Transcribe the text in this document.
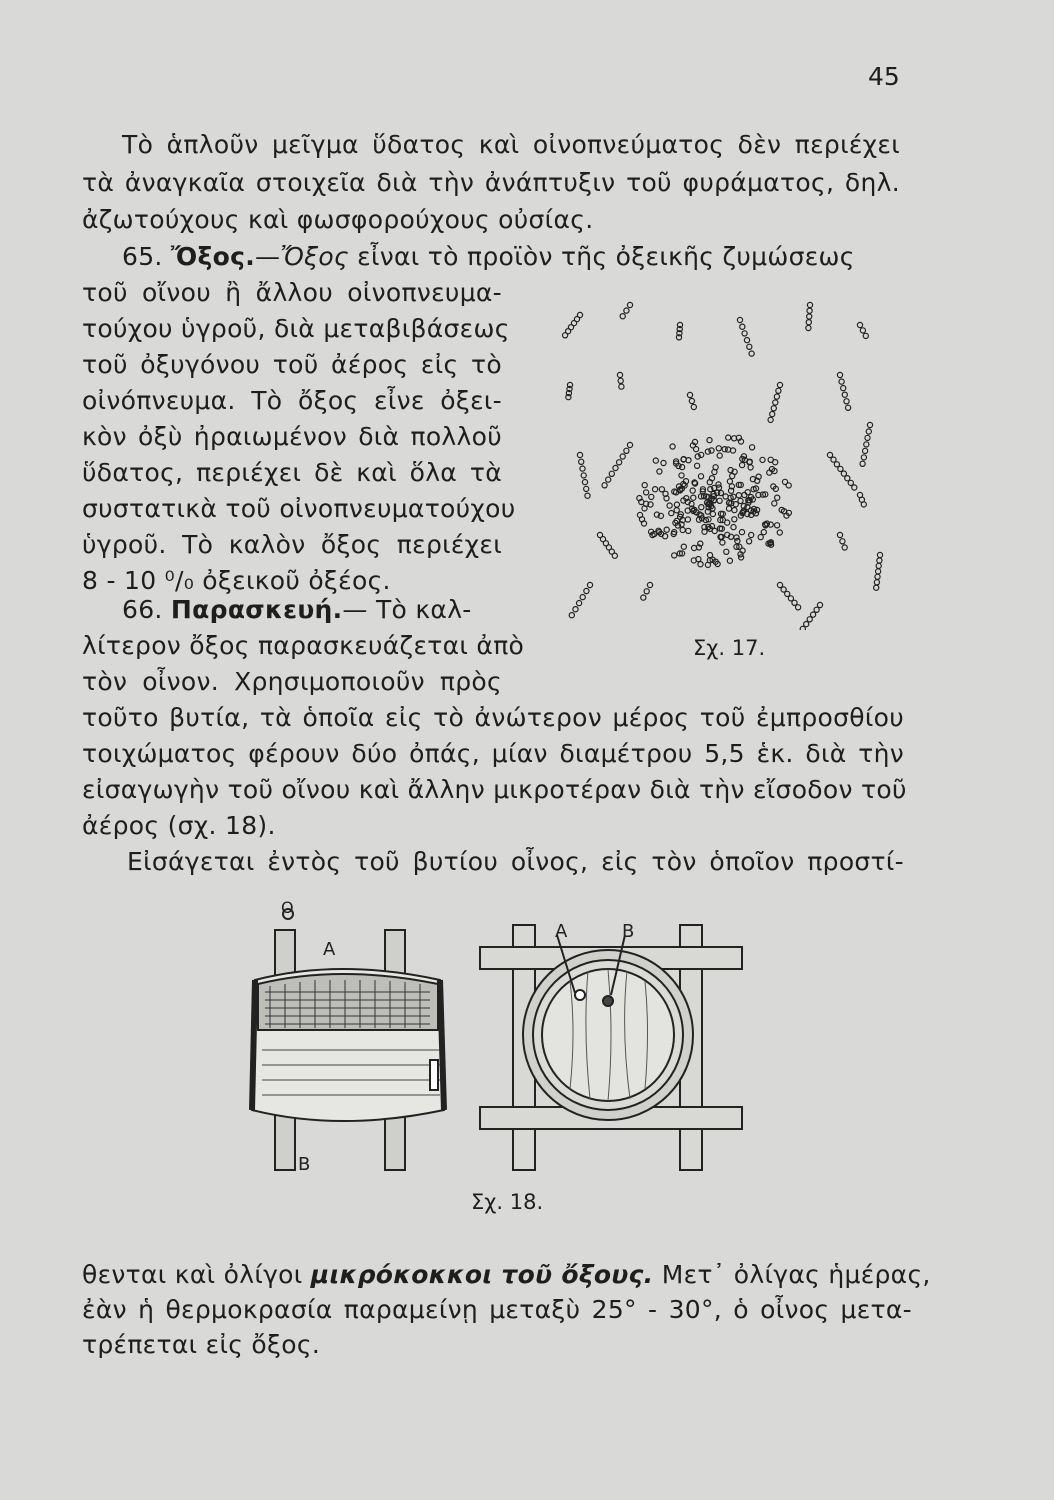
45
Τὸ ἁπλοῦν μεῖγμα ὕδατος καὶ οἰνοπνεύματος δὲν περιέχει
τὰ ἀναγκαῖα στοιχεῖα διὰ τὴν ἀνάπτυξιν τοῦ φυράματος, δηλ.
ἀζωτούχους καὶ φωσφορούχους οὐσίας.
65. Ὄξος.—Ὄξος εἶναι τὸ προϊὸν τῆς ὀξεικῆς ζυμώσεως
τοῦ οἴνου ἢ ἄλλου οἰνοπνευμα-
τούχου ὑγροῦ, διὰ μεταβιβάσεως
τοῦ ὀξυγόνου τοῦ ἀέρος εἰς τὸ
οἰνόπνευμα. Τὸ ὄξος εἶνε ὀξει-
κὸν ὀξὺ ἠραιωμένον διὰ πολλοῦ
ὕδατος, περιέχει δὲ καὶ ὅλα τὰ
συστατικὰ τοῦ οἰνοπνευματούχου
ὑγροῦ. Τὸ καλὸν ὄξος περιέχει
8 - 10 ⁰/₀ ὀξεικοῦ ὀξέος.
66. Παρασκευή.— Τὸ καλ-
λίτερον ὄξος παρασκευάζεται ἀπὸ
τὸν οἶνον. Χρησιμοποιοῦν πρὸς
τοῦτο βυτία, τὰ ὁποῖα εἰς τὸ ἀνώτερον μέρος τοῦ ἐμπροσθίου
τοιχώματος φέρουν δύο ὀπάς, μίαν διαμέτρου 5,5 ἑκ. διὰ τὴν
εἰσαγωγὴν τοῦ οἴνου καὶ ἄλλην μικροτέραν διὰ τὴν εἴσοδον τοῦ
ἀέρος (σχ. 18).
Εἰσάγεται ἐντὸς τοῦ βυτίου οἶνος, εἰς τὸν ὁποῖον προστί-
Σχ. 17.
A
B
A	B
Ο
Σχ. 18.
θενται καὶ ὀλίγοι μικρόκοκκοι τοῦ ὄξους. Μετ᾽ ὀλίγας ἡμέρας,
ἐὰν ἡ θερμοκρασία παραμείνῃ μεταξὺ 25° - 30°, ὁ οἶνος μετα-
τρέπεται εἰς ὄξος.
